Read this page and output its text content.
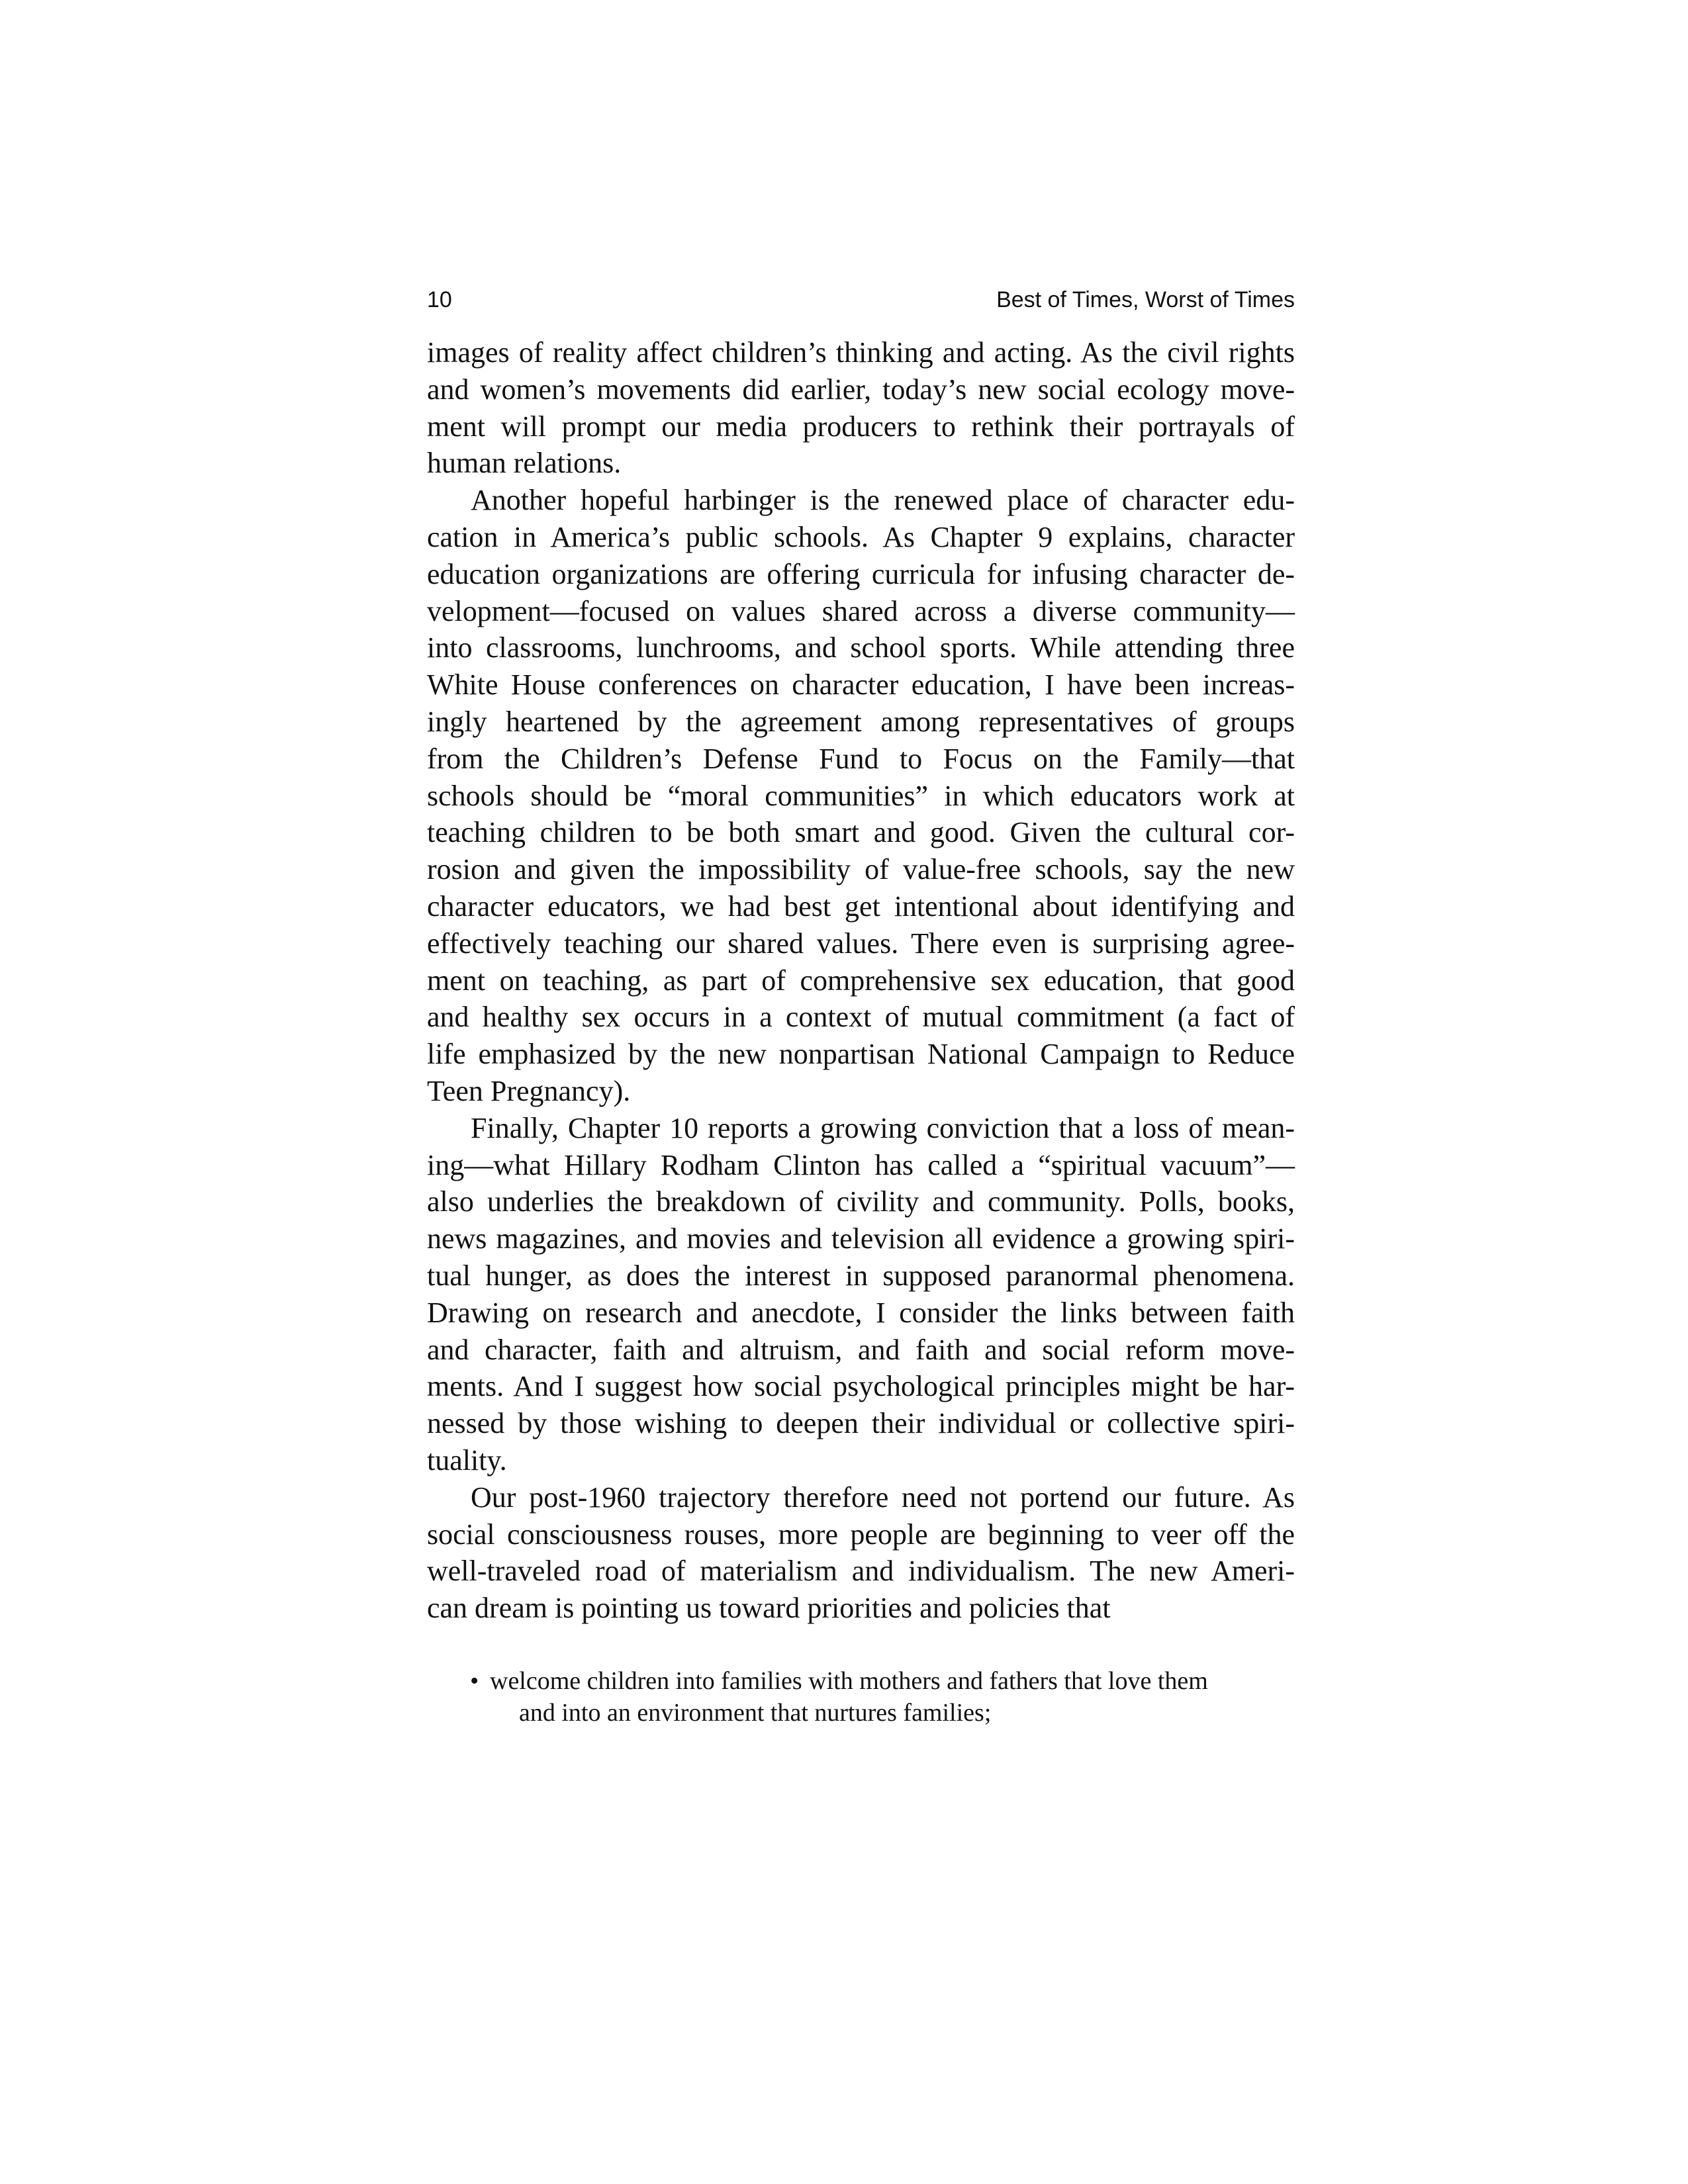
10	Best of Times, Worst of Times

images of reality affect children’s thinking and acting. As the civil rights
and women’s movements did earlier, today’s new social ecology move-
ment will prompt our media producers to rethink their portrayals of
human relations.

Another hopeful harbinger is the renewed place of character edu-
cation in America’s public schools. As Chapter 9 explains, character
education organizations are offering curricula for infusing character de-
velopment—focused on values shared across a diverse community—
into classrooms, lunchrooms, and school sports. While attending three
White House conferences on character education, I have been increas-
ingly heartened by the agreement among representatives of groups
from the Children’s Defense Fund to Focus on the Family—that
schools should be “moral communities” in which educators work at
teaching children to be both smart and good. Given the cultural cor-
rosion and given the impossibility of value-free schools, say the new
character educators, we had best get intentional about identifying and
effectively teaching our shared values. There even is surprising agree-
ment on teaching, as part of comprehensive sex education, that good
and healthy sex occurs in a context of mutual commitment (a fact of
life emphasized by the new nonpartisan National Campaign to Reduce
Teen Pregnancy).

Finally, Chapter 10 reports a growing conviction that a loss of mean-
ing—what Hillary Rodham Clinton has called a “spiritual vacuum”—
also underlies the breakdown of civility and community. Polls, books,
news magazines, and movies and television all evidence a growing spiri-
tual hunger, as does the interest in supposed paranormal phenomena.
Drawing on research and anecdote, I consider the links between faith
and character, faith and altruism, and faith and social reform move-
ments. And I suggest how social psychological principles might be har-
nessed by those wishing to deepen their individual or collective spiri-
tuality.

Our post-1960 trajectory therefore need not portend our future. As
social consciousness rouses, more people are beginning to veer off the
well-traveled road of materialism and individualism. The new Ameri-
can dream is pointing us toward priorities and policies that

• welcome children into families with mothers and fathers that love them
and into an environment that nurtures families;
